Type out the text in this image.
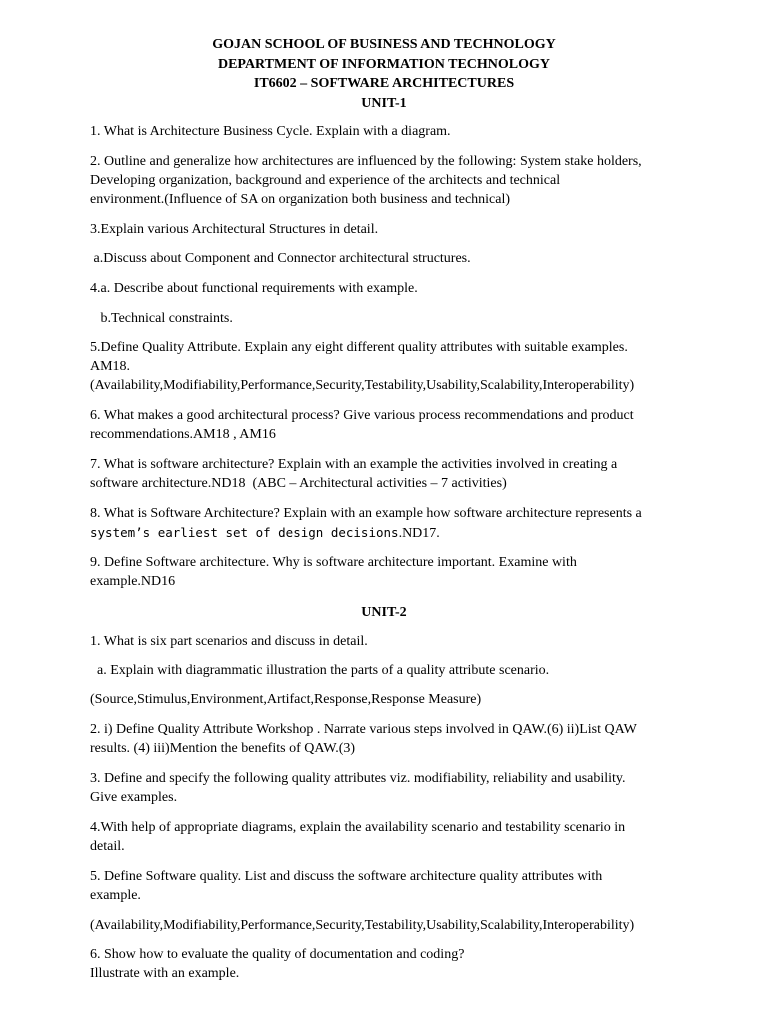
GOJAN SCHOOL OF BUSINESS AND TECHNOLOGY
DEPARTMENT OF INFORMATION TECHNOLOGY
IT6602 – SOFTWARE ARCHITECTURES
UNIT-1
1. What is Architecture Business Cycle. Explain with a diagram.
2. Outline and generalize how architectures are influenced by the following: System stake holders,
Developing organization, background and experience of the architects and technical
environment.(Influence of SA on organization both business and technical)
3.Explain various Architectural Structures in detail.
a.Discuss about Component and Connector architectural structures.
4.a. Describe about functional requirements with example.
b.Technical constraints.
5.Define Quality Attribute. Explain any eight different quality attributes with suitable examples.
AM18.
(Availability,Modifiability,Performance,Security,Testability,Usability,Scalability,Interoperability)
6. What makes a good architectural process? Give various process recommendations and product
recommendations.AM18 , AM16
7. What is software architecture? Explain with an example the activities involved in creating a
software architecture.ND18  (ABC – Architectural activities – 7 activities)
8. What is Software Architecture? Explain with an example how software architecture represents a
system’s earliest set of design decisions.ND17.
9. Define Software architecture. Why is software architecture important. Examine with
example.ND16
UNIT-2
1. What is six part scenarios and discuss in detail.
a. Explain with diagrammatic illustration the parts of a quality attribute scenario.
(Source,Stimulus,Environment,Artifact,Response,Response Measure)
2. i) Define Quality Attribute Workshop . Narrate various steps involved in QAW.(6) ii)List QAW
results. (4) iii)Mention the benefits of QAW.(3)
3. Define and specify the following quality attributes viz. modifiability, reliability and usability.
Give examples.
4.With help of appropriate diagrams, explain the availability scenario and testability scenario in
detail.
5. Define Software quality. List and discuss the software architecture quality attributes with
example.
(Availability,Modifiability,Performance,Security,Testability,Usability,Scalability,Interoperability)
6. Show how to evaluate the quality of documentation and coding?
Illustrate with an example.
